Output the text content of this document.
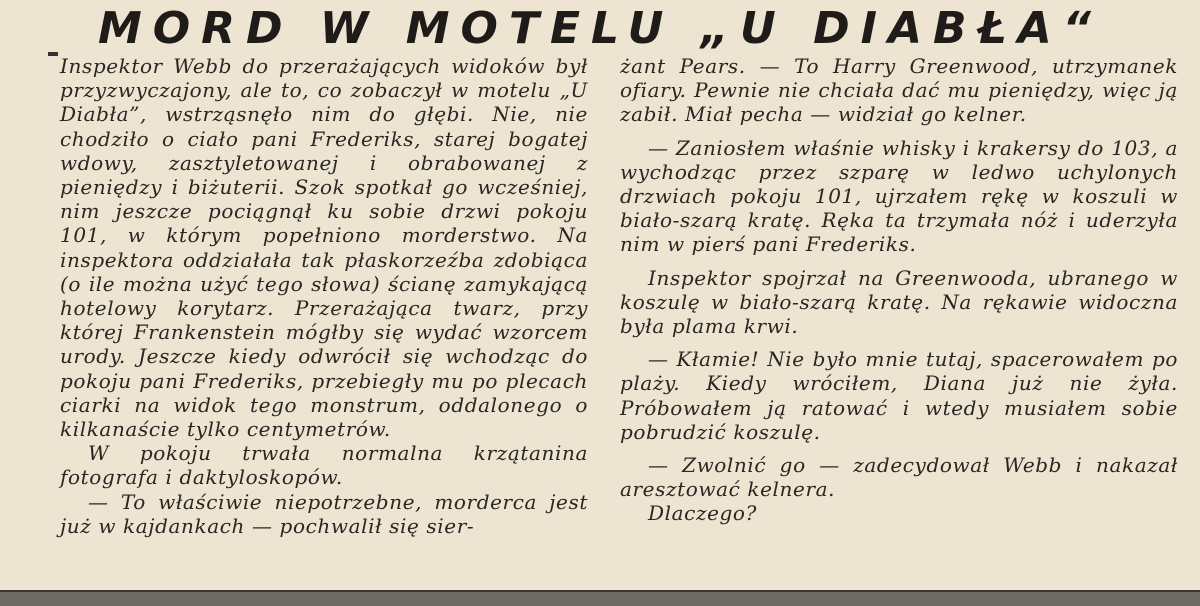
MORD W MOTELU „U DIABŁA“

Inspektor Webb do przerażających widoków był przyzwyczajony, ale to, co zobaczył w motelu „U Diabła”, wstrząsnęło nim do głębi. Nie, nie chodziło o ciało pani Frederiks, starej bogatej wdowy, zasztyletowanej i obrabowanej z pieniędzy i biżuterii. Szok spotkał go wcześniej, nim jeszcze pociągnął ku sobie drzwi pokoju 101, w którym popełniono morderstwo. Na inspektora oddziałała tak płaskorzeźba zdobiąca (o ile można użyć tego słowa) ścianę zamykającą hotelowy korytarz. Przerażająca twarz, przy której Frankenstein mógłby się wydać wzorcem urody. Jeszcze kiedy odwrócił się wchodząc do pokoju pani Frederiks, przebiegły mu po plecach ciarki na widok tego monstrum, oddalonego o kilkanaście tylko centymetrów.

W pokoju trwała normalna krzątanina fotografa i daktyloskopów.

— To właściwie niepotrzebne, morderca jest już w kajdankach — pochwalił się sier-

żant Pears. — To Harry Greenwood, utrzymanek ofiary. Pewnie nie chciała dać mu pieniędzy, więc ją zabił. Miał pecha — widział go kelner.

— Zaniosłem właśnie whisky i krakersy do 103, a wychodząc przez szparę w ledwo uchylonych drzwiach pokoju 101, ujrzałem rękę w koszuli w biało-szarą kratę. Ręka ta trzymała nóż i uderzyła nim w pierś pani Frederiks.

Inspektor spojrzał na Greenwooda, ubranego w koszulę w biało-szarą kratę. Na rękawie widoczna była plama krwi.

— Kłamie! Nie było mnie tutaj, spacerowałem po plaży. Kiedy wróciłem, Diana już nie żyła. Próbowałem ją ratować i wtedy musiałem sobie pobrudzić koszulę.

— Zwolnić go — zadecydował Webb i nakazał aresztować kelnera.

Dlaczego?
